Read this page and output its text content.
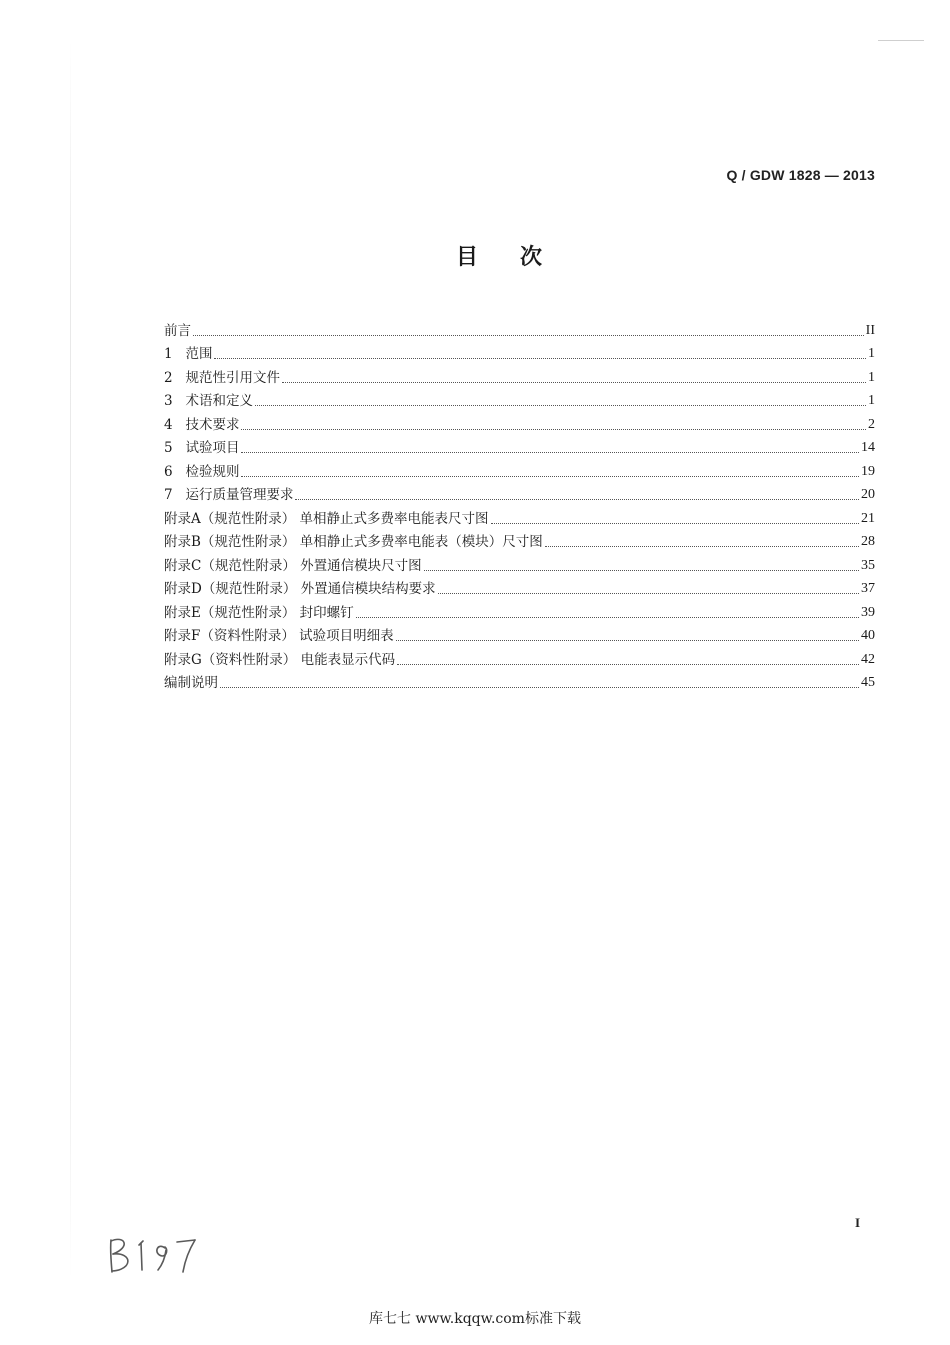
Q / GDW 1828 — 2013
目次
前言	II
1   范围	1
2   规范性引用文件	1
3   术语和定义	1
4   技术要求	2
5   试验项目	14
6   检验规则	19
7   运行质量管理要求	20
附录A（规范性附录） 单相静止式多费率电能表尺寸图	21
附录B（规范性附录） 单相静止式多费率电能表（模块）尺寸图	28
附录C（规范性附录） 外置通信模块尺寸图	35
附录D（规范性附录） 外置通信模块结构要求	37
附录E（规范性附录） 封印螺钉	39
附录F（资料性附录） 试验项目明细表	40
附录G（资料性附录） 电能表显示代码	42
编制说明	45
I
库七七 www.kqqw.com标准下载
